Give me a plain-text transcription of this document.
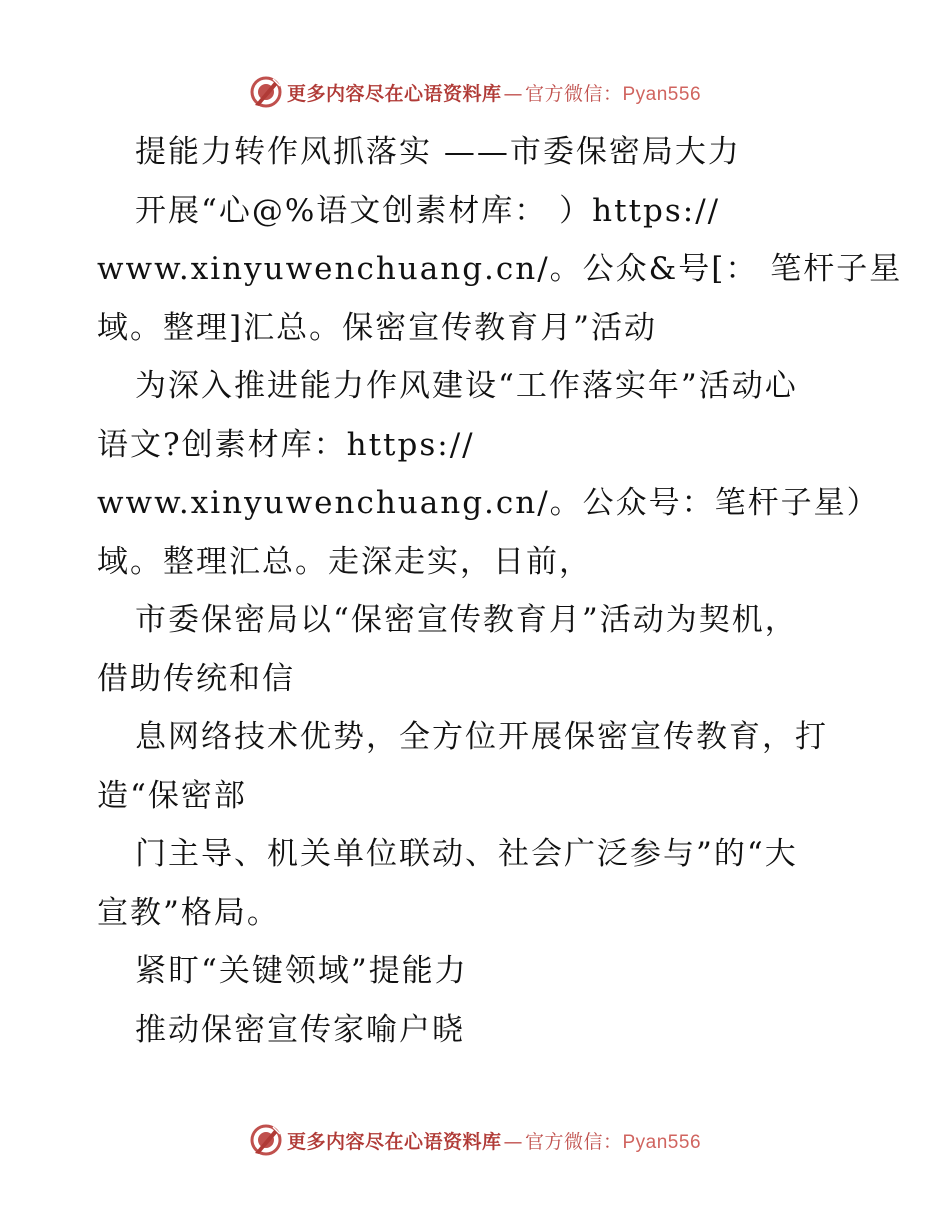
更多内容尽在心语资料库 — 官方微信：Pyan556
提能力转作风抓落实 ——市委保密局大力
开展“心@%语文创素材库： ）https://
www.xinyuwenchuang.cn/。公众&号[： 笔杆子星
域。整理]汇总。保密宣传教育月”活动
为深入推进能力作风建设“工作落实年”活动心
语文?创素材库：https://
www.xinyuwenchuang.cn/。公众号：笔杆子星）
域。整理汇总。走深走实，日前，
市委保密局以“保密宣传教育月”活动为契机，
借助传统和信
息网络技术优势，全方位开展保密宣传教育，打
造“保密部
门主导、机关单位联动、社会广泛参与”的“大
宣教”格局。
紧盯“关键领域”提能力
推动保密宣传家喻户晓
更多内容尽在心语资料库 — 官方微信：Pyan556
